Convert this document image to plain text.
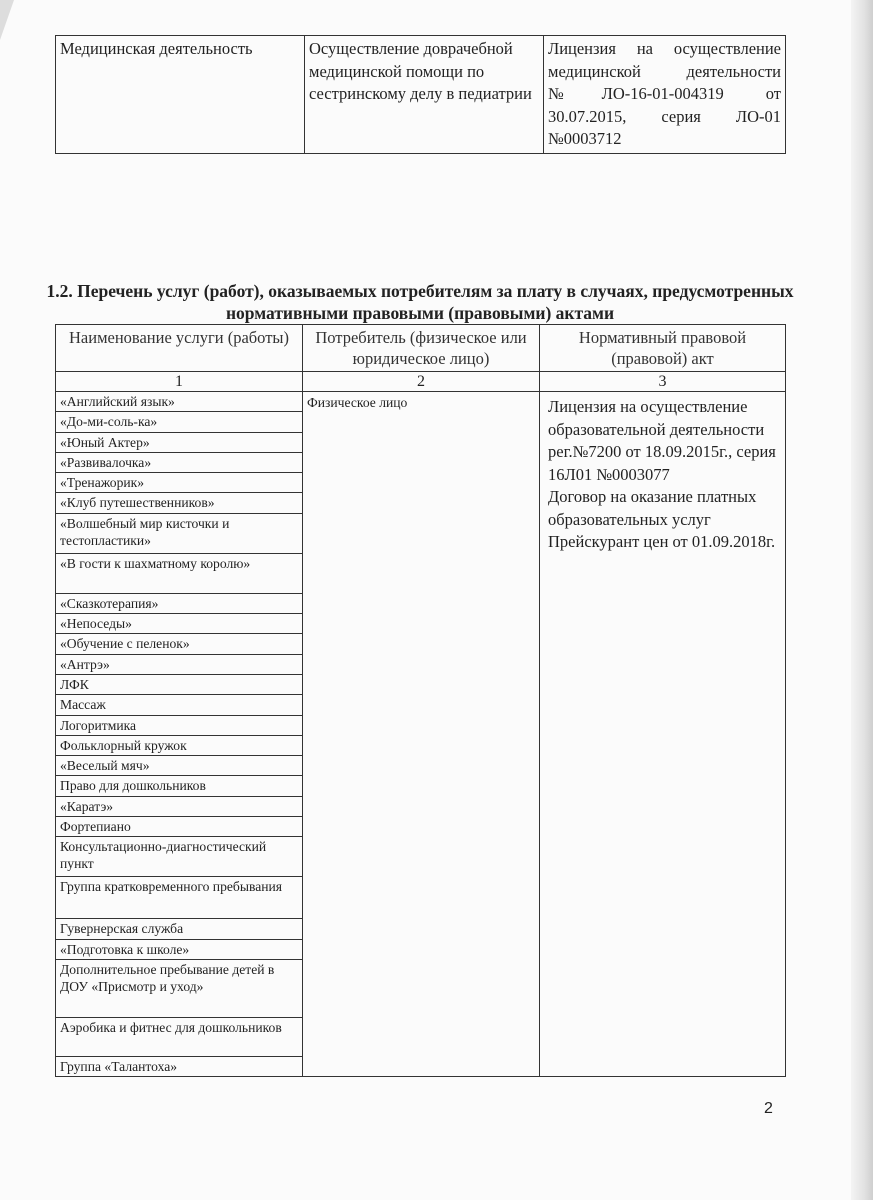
Медицинская деятельность	Осуществление доврачебной медицинской помощи по сестринскому делу в педиатрии	Лицензия на осуществление медицинской деятельности №ЛО-16-01-004319 от 30.07.2015, серия ЛО-01 №0003712
1.2. Перечень услуг (работ), оказываемых потребителям за плату в случаях, предусмотренных нормативными правовыми (правовыми) актами
Наименование услуги (работы)	Потребитель (физическое или юридическое лицо)	Нормативный правовой (правовой) акт
1	2	3
«Английский язык»	Физическое лицо	Лицензия на осуществление образовательной деятельности рег.№7200 от 18.09.2015г., серия 16Л01 №0003077
Договор на оказание платных образовательных услуг
Прейскурант цен от 01.09.2018г.
«До-ми-соль-ка»		
«Юный Актер»		
«Развивалочка»		
«Тренажорик»		
«Клуб путешественников»		
«Волшебный мир кисточки и тестопластики»		
«В гости к шахматному королю»		
«Сказкотерапия»		
«Непоседы»		
«Обучение с пеленок»		
«Антрэ»		
ЛФК		
Массаж		
Логоритмика		
Фольклорный кружок		
«Веселый мяч»		
Право для дошкольников		
«Каратэ»		
Фортепиано		
Консультационно-диагностический пункт		
Группа кратковременного пребывания		
Гувернерская служба		
«Подготовка к школе»		
Дополнительное пребывание детей в ДОУ «Присмотр и уход»		
Аэробика и фитнес для дошкольников		
Группа «Талантоха»		
2
